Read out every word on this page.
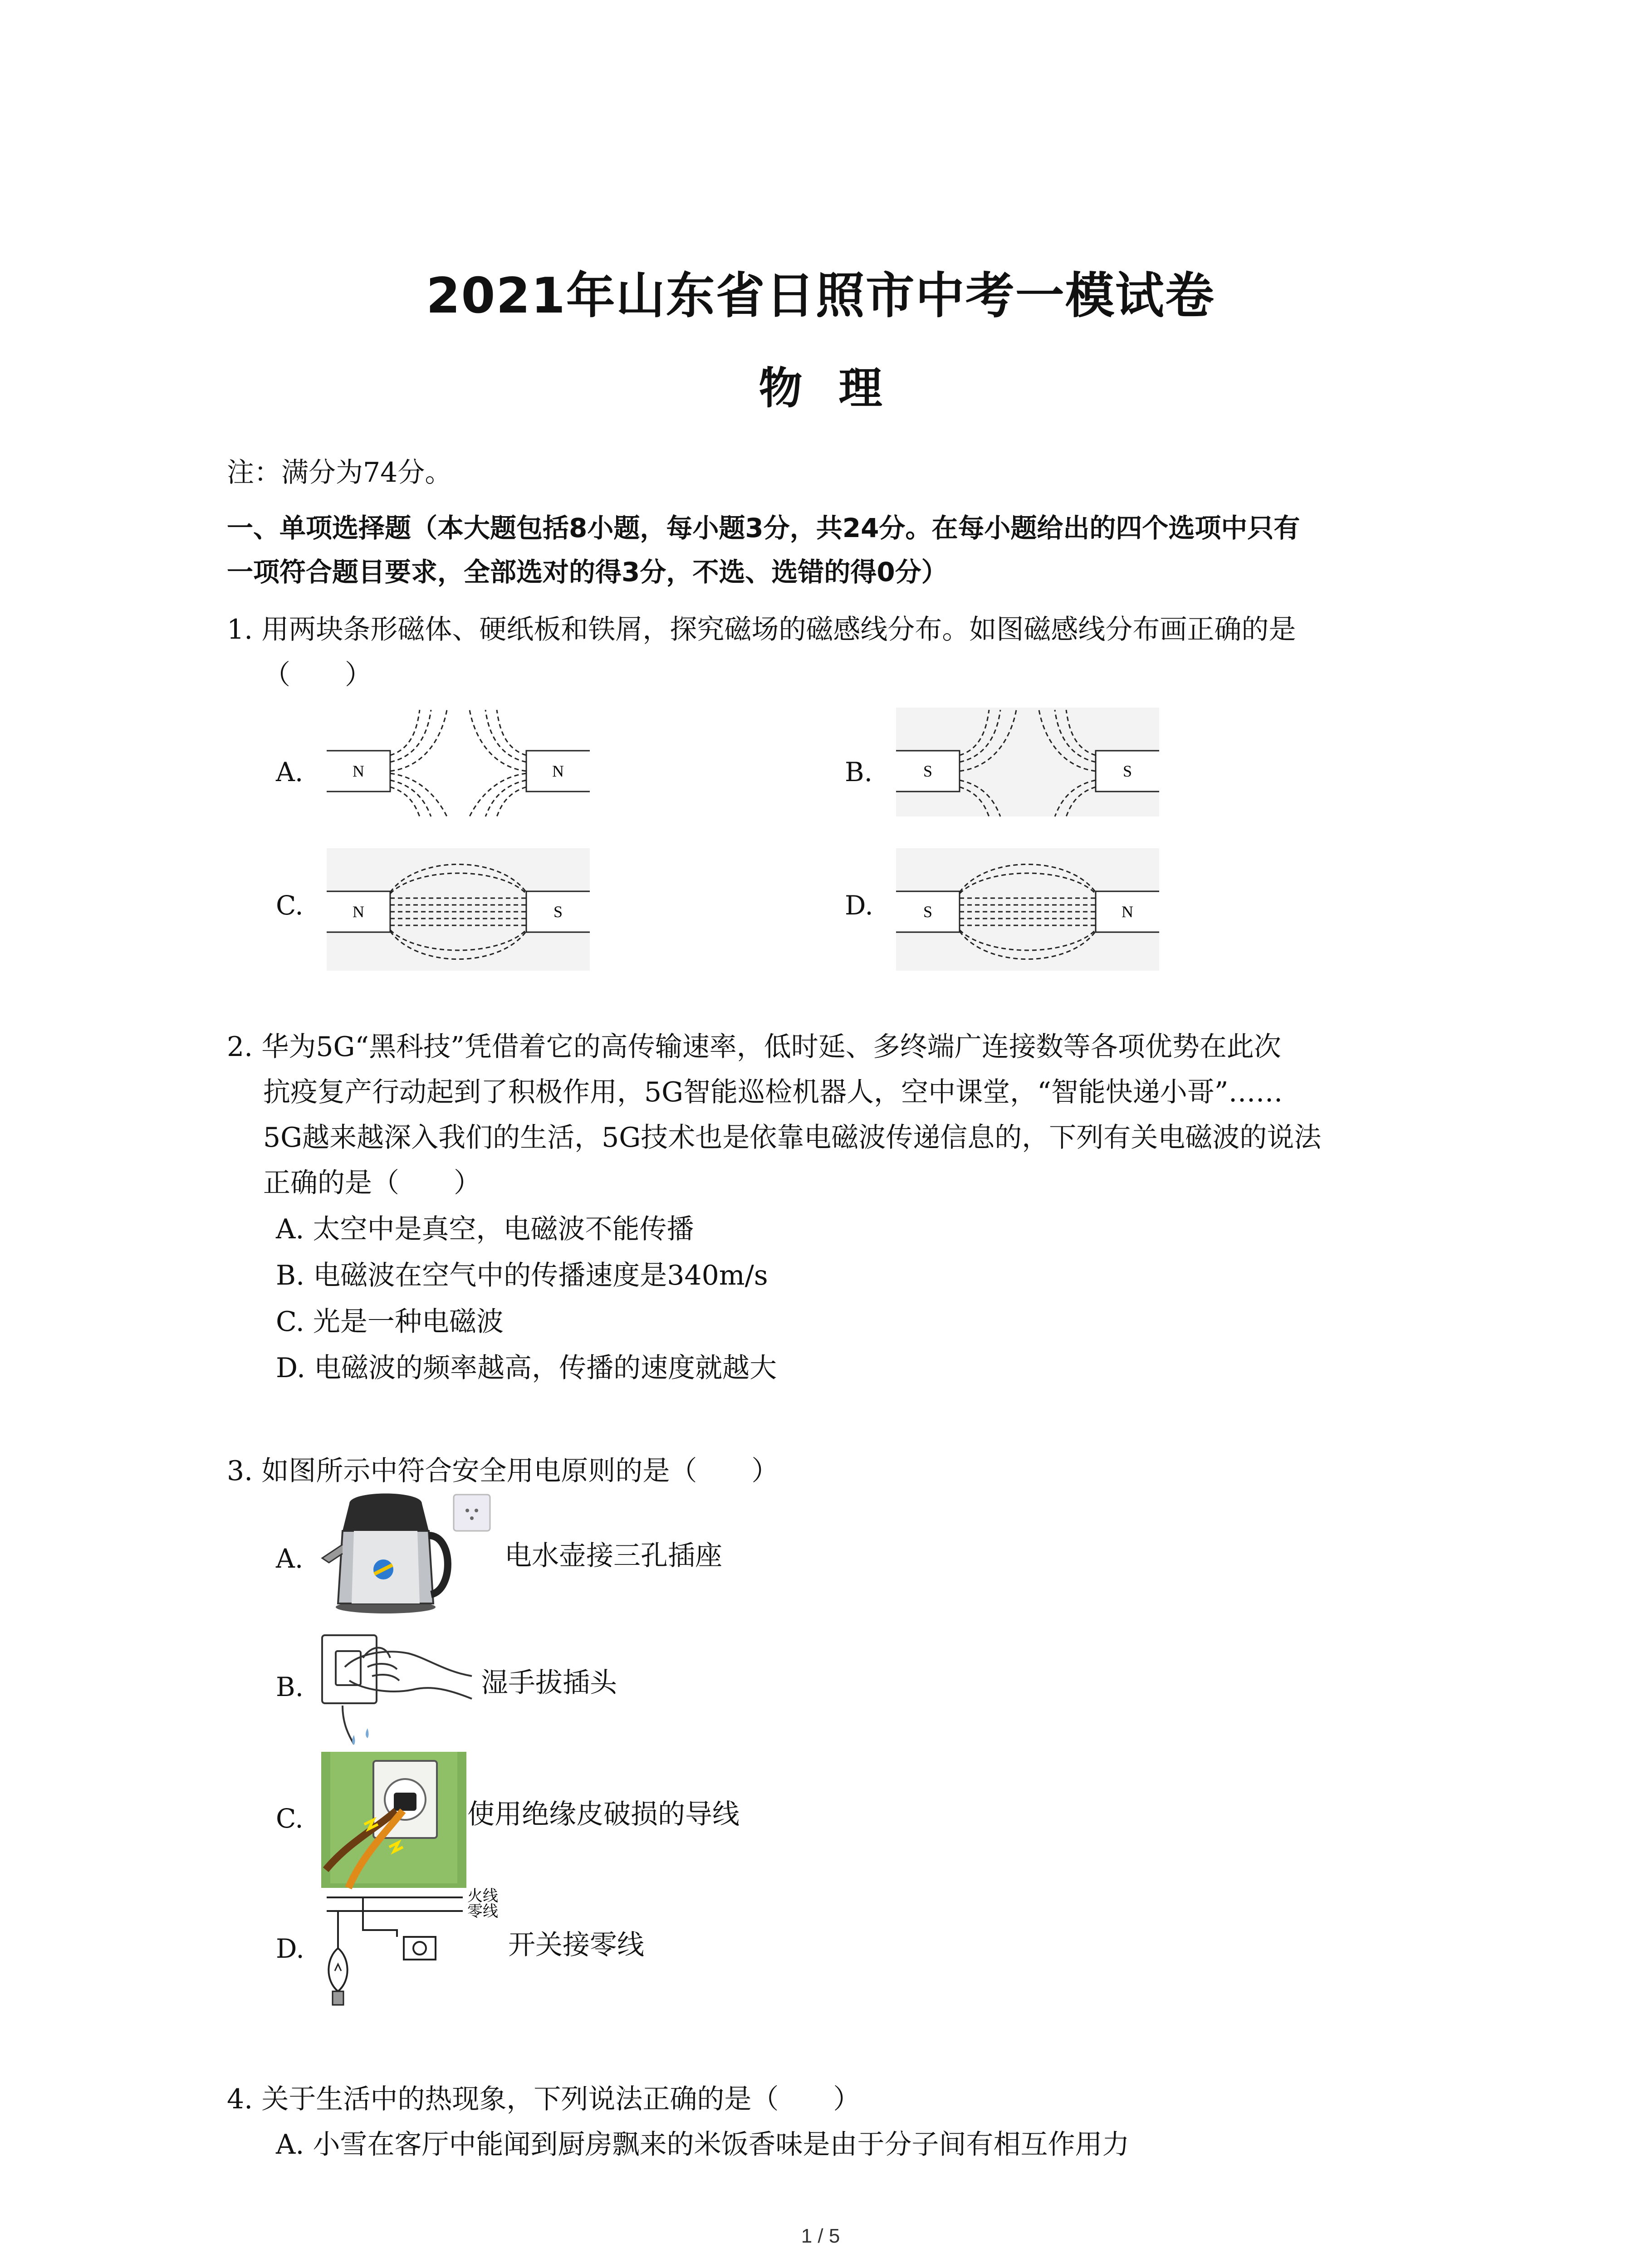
2021年山东省日照市中考一模试卷
物理
注：满分为74分。
一、单项选择题（本大题包括8小题，每小题3分，共24分。在每小题给出的四个选项中只有
一项符合题目要求，全部选对的得3分，不选、选错的得0分）
1. 用两块条形磁体、硬纸板和铁屑，探究磁场的磁感线分布。如图磁感线分布画正确的是
（　　）
A.	B.
C.	D.
N	N	S	S
N	S	S	N
2. 华为5G“黑科技”凭借着它的高传输速率，低时延、多终端广连接数等各项优势在此次
抗疫复产行动起到了积极作用，5G智能巡检机器人，空中课堂，“智能快递小哥”……
5G越来越深入我们的生活，5G技术也是依靠电磁波传递信息的，下列有关电磁波的说法
正确的是（　　）
A. 太空中是真空，电磁波不能传播
B. 电磁波在空气中的传播速度是340m/s
C. 光是一种电磁波
D. 电磁波的频率越高，传播的速度就越大
3. 如图所示中符合安全用电原则的是（　　）
A.	电水壶接三孔插座
B.	湿手拔插头
C.	使用绝缘皮破损的导线
D.
火线
零线
开关接零线
4. 关于生活中的热现象，下列说法正确的是（　　）
A. 小雪在客厅中能闻到厨房飘来的米饭香味是由于分子间有相互作用力
1 / 5
